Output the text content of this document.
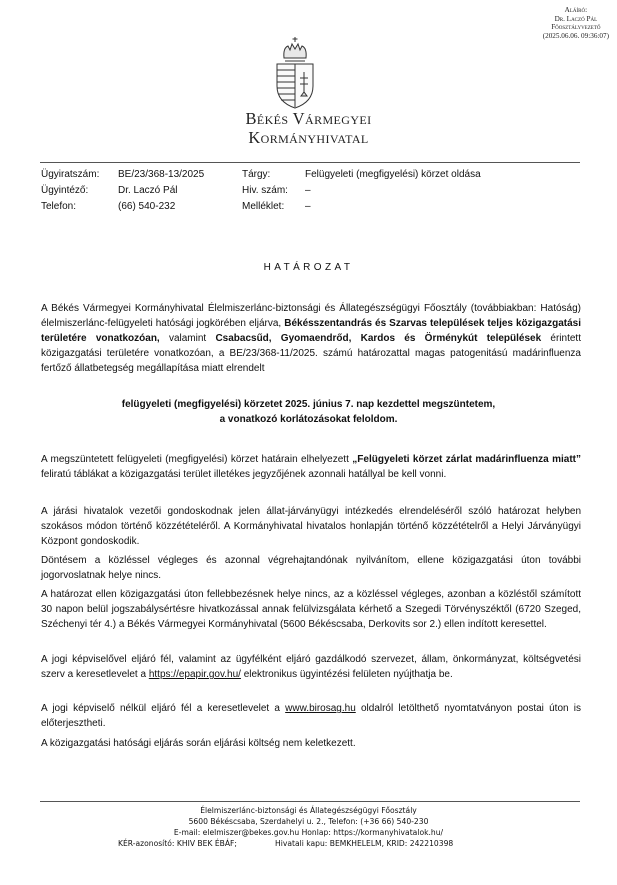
Aláíró:
Dr. Laczó Pál
Főosztályvezető
(2025.06.06. 09:36:07)
Békés Vármegyei
Kormányhivatal
Ügyiratszám:
Ügyintéző:
Telefon:
BE/23/368-13/2025
Dr. Laczó Pál
(66) 540-232
Tárgy:
Hiv. szám:
Melléklet:
Felügyeleti (megfigyelési) körzet oldása
–
–
HATÁROZAT
A Békés Vármegyei Kormányhivatal Élelmiszerlánc-biztonsági és Állategészségügyi Főosztály (továbbiakban: Hatóság) élelmiszerlánc-felügyeleti hatósági jogkörében eljárva, Békésszentandrás és Szarvas települések teljes közigazgatási területére vonatkozóan, valamint Csabacsűd, Gyomaendrőd, Kardos és Örménykút települések érintett közigazgatási területére vonatkozóan, a BE/23/368-11/2025. számú határozattal magas patogenitású madárinfluenza fertőző állatbetegség megállapítása miatt elrendelt
felügyeleti (megfigyelési) körzetet 2025. június 7. nap kezdettel megszüntetem,
a vonatkozó korlátozásokat feloldom.
A megszüntetett felügyeleti (megfigyelési) körzet határain elhelyezett „Felügyeleti körzet zárlat madárinfluenza miatt” feliratú táblákat a közigazgatási terület illetékes jegyzőjének azonnali hatállyal be kell vonni.
A járási hivatalok vezetői gondoskodnak jelen állat-járványügyi intézkedés elrendeléséről szóló határozat helyben szokásos módon történő közzétételéről. A Kormányhivatal hivatalos honlapján történő közzétételről a Helyi Járványügyi Központ gondoskodik.
Döntésem a közléssel végleges és azonnal végrehajtandónak nyilvánítom, ellene közigazgatási úton további jogorvoslatnak helye nincs.
A határozat ellen közigazgatási úton fellebbezésnek helye nincs, az a közléssel végleges, azonban a közléstől számított 30 napon belül jogszabálysértésre hivatkozással annak felülvizsgálata kérhető a Szegedi Törvényszéktől (6720 Szeged, Széchenyi tér 4.) a Békés Vármegyei Kormányhivatal (5600 Békéscsaba, Derkovits sor 2.) ellen indított keresettel.
A jogi képviselővel eljáró fél, valamint az ügyfélként eljáró gazdálkodó szervezet, állam, önkormányzat, költségvetési szerv a keresetlevelet a https://epapir.gov.hu/ elektronikus ügyintézési felületen nyújthatja be.
A jogi képviselő nélkül eljáró fél a keresetlevelet a www.birosag.hu oldalról letölthető nyomtatványon postai úton is előterjesztheti.
A közigazgatási hatósági eljárás során eljárási költség nem keletkezett.
Élelmiszerlánc-biztonsági és Állategészségügyi Főosztály
5600 Békéscsaba, Szerdahelyi u. 2., Telefon: (+36 66) 540-230
E-mail: elelmiszer@bekes.gov.hu Honlap: https://kormanyhivatalok.hu/
KÉR-azonosító: KHIV BEK ÉBÁF;	Hivatali kapu: BEMKHELELM, KRID: 242210398
